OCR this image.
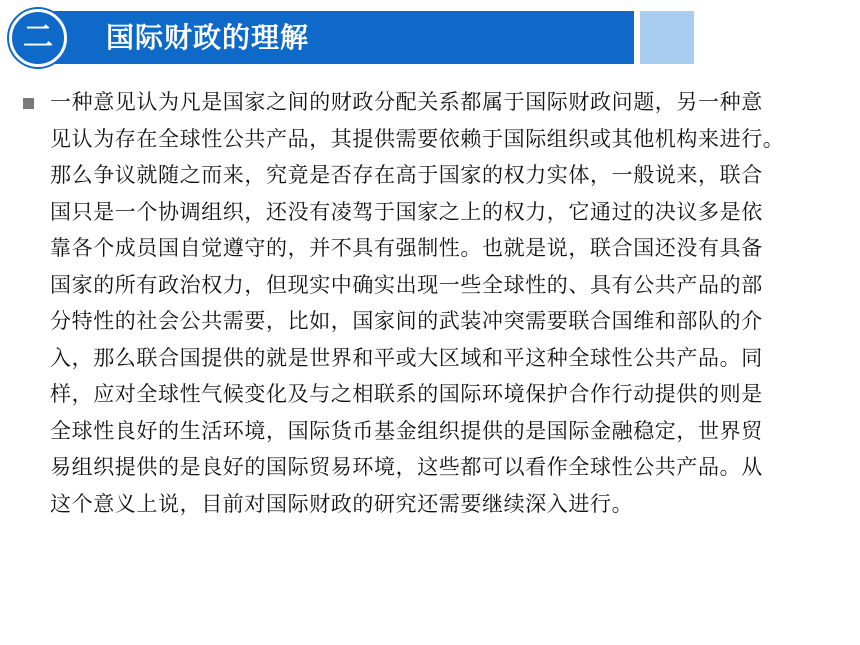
二	国际财政的理解
一种意见认为凡是国家之间的财政分配关系都属于国际财政问题，另一种意
见认为存在全球性公共产品，其提供需要依赖于国际组织或其他机构来进行。
那么争议就随之而来，究竟是否存在高于国家的权力实体，一般说来，联合
国只是一个协调组织，还没有凌驾于国家之上的权力，它通过的决议多是依
靠各个成员国自觉遵守的，并不具有强制性。也就是说，联合国还没有具备
国家的所有政治权力，但现实中确实出现一些全球性的、具有公共产品的部
分特性的社会公共需要，比如，国家间的武装冲突需要联合国维和部队的介
入，那么联合国提供的就是世界和平或大区域和平这种全球性公共产品。同
样，应对全球性气候变化及与之相联系的国际环境保护合作行动提供的则是
全球性良好的生活环境，国际货币基金组织提供的是国际金融稳定，世界贸
易组织提供的是良好的国际贸易环境，这些都可以看作全球性公共产品。从
这个意义上说，目前对国际财政的研究还需要继续深入进行。
